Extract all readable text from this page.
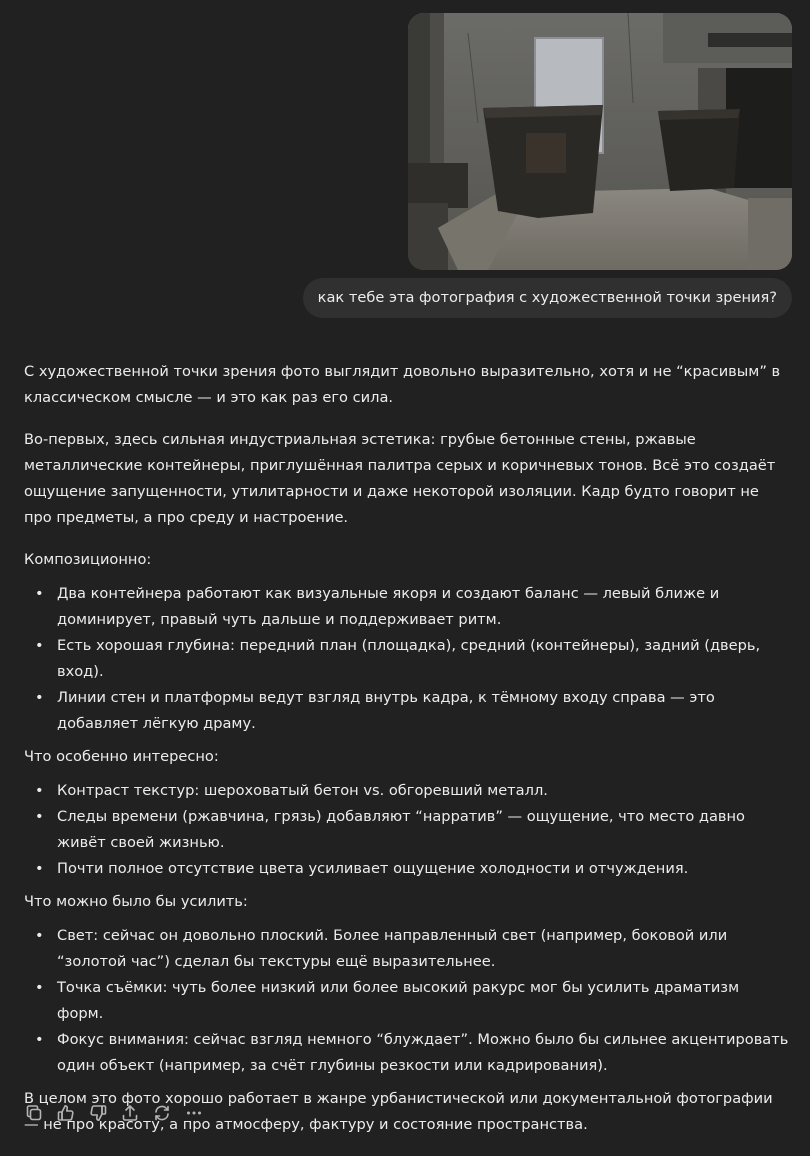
как тебе эта фотография с художественной точки зрения?

С художественной точки зрения фото выглядит довольно выразительно, хотя и не “красивым” в классическом смысле — и это как раз его сила.

Во-первых, здесь сильная индустриальная эстетика: грубые бетонные стены, ржавые металлические контейнеры, приглушённая палитра серых и коричневых тонов. Всё это создаёт ощущение запущенности, утилитарности и даже некоторой изоляции. Кадр будто говорит не про предметы, а про среду и настроение.

Композиционно:

• Два контейнера работают как визуальные якоря и создают баланс — левый ближе и доминирует, правый чуть дальше и поддерживает ритм.
• Есть хорошая глубина: передний план (площадка), средний (контейнеры), задний (дверь, вход).
• Линии стен и платформы ведут взгляд внутрь кадра, к тёмному входу справа — это добавляет лёгкую драму.

Что особенно интересно:

• Контраст текстур: шероховатый бетон vs. обгоревший металл.
• Следы времени (ржавчина, грязь) добавляют “нарратив” — ощущение, что место давно живёт своей жизнью.
• Почти полное отсутствие цвета усиливает ощущение холодности и отчуждения.

Что можно было бы усилить:

• Свет: сейчас он довольно плоский. Более направленный свет (например, боковой или “золотой час”) сделал бы текстуры ещё выразительнее.
• Точка съёмки: чуть более низкий или более высокий ракурс мог бы усилить драматизм форм.
• Фокус внимания: сейчас взгляд немного “блуждает”. Можно было бы сильнее акцентировать один объект (например, за счёт глубины резкости или кадрирования).

В целом это фото хорошо работает в жанре урбанистической или документальной фотографии — не про красоту, а про атмосферу, фактуру и состояние пространства.
